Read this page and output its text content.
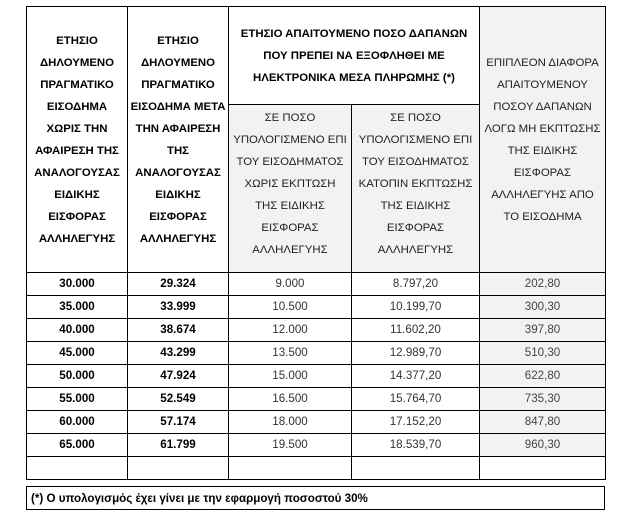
ΕΤΗΣΙΟ ΔΗΛΟΥΜΕΝΟ ΠΡΑΓΜΑΤΙΚΟ ΕΙΣΟΔΗΜΑ ΧΩΡΙΣ ΤΗΝ ΑΦΑΙΡΕΣΗ ΤΗΣ ΑΝΑΛΟΓΟΥΣΑΣ ΕΙΔΙΚΗΣ ΕΙΣΦΟΡΑΣ ΑΛΛΗΛΕΓΥΗΣ	ΕΤΗΣΙΟ ΔΗΛΟΥΜΕΝΟ ΠΡΑΓΜΑΤΙΚΟ ΕΙΣΟΔΗΜΑ ΜΕΤΑ ΤΗΝ ΑΦΑΙΡΕΣΗ ΤΗΣ ΑΝΑΛΟΓΟΥΣΑΣ ΕΙΔΙΚΗΣ ΕΙΣΦΟΡΑΣ ΑΛΛΗΛΕΓΥΗΣ	ΕΤΗΣΙΟ ΑΠΑΙΤΟΥΜΕΝΟ ΠΟΣΟ ΔΑΠΑΝΩΝ ΠΟΥ ΠΡΕΠΕΙ ΝΑ ΕΞΟΦΛΗΘΕΙ ΜΕ ΗΛΕΚΤΡΟΝΙΚΑ ΜΕΣΑ ΠΛΗΡΩΜΗΣ (*)		ΕΠΙΠΛΕΟΝ ΔΙΑΦΟΡΑ ΑΠΑΙΤΟΥΜΕΝΟΥ ΠΟΣΟΥ ΔΑΠΑΝΩΝ ΛΟΓΩ ΜΗ ΕΚΠΤΩΣΗΣ ΤΗΣ ΕΙΔΙΚΗΣ ΕΙΣΦΟΡΑΣ ΑΛΛΗΛΕΓΥΗΣ ΑΠΟ ΤΟ ΕΙΣΟΔΗΜΑ

		ΣΕ ΠΟΣΟ ΥΠΟΛΟΓΙΣΜΕΝΟ ΕΠΙ ΤΟΥ ΕΙΣΟΔΗΜΑΤΟΣ ΧΩΡΙΣ ΕΚΠΤΩΣΗ ΤΗΣ ΕΙΔΙΚΗΣ ΕΙΣΦΟΡΑΣ ΑΛΛΗΛΕΓΥΗΣ	ΣΕ ΠΟΣΟ ΥΠΟΛΟΓΙΣΜΕΝΟ ΕΠΙ ΤΟΥ ΕΙΣΟΔΗΜΑΤΟΣ ΚΑΤΟΠΙΝ ΕΚΠΤΩΣΗΣ ΤΗΣ ΕΙΔΙΚΗΣ ΕΙΣΦΟΡΑΣ ΑΛΛΗΛΕΓΥΗΣ	

30.000	29.324	9.000	8.797,20	202,80
35.000	33.999	10.500	10.199,70	300,30
40.000	38.674	12.000	11.602,20	397,80
45.000	43.299	13.500	12.989,70	510,30
50.000	47.924	15.000	14.377,20	622,80
55.000	52.549	16.500	15.764,70	735,30
60.000	57.174	18.000	17.152,20	847,80
65.000	61.799	19.500	18.539,70	960,30

(*) Ο υπολογισμός έχει γίνει με την εφαρμογή ποσοστού 30%
